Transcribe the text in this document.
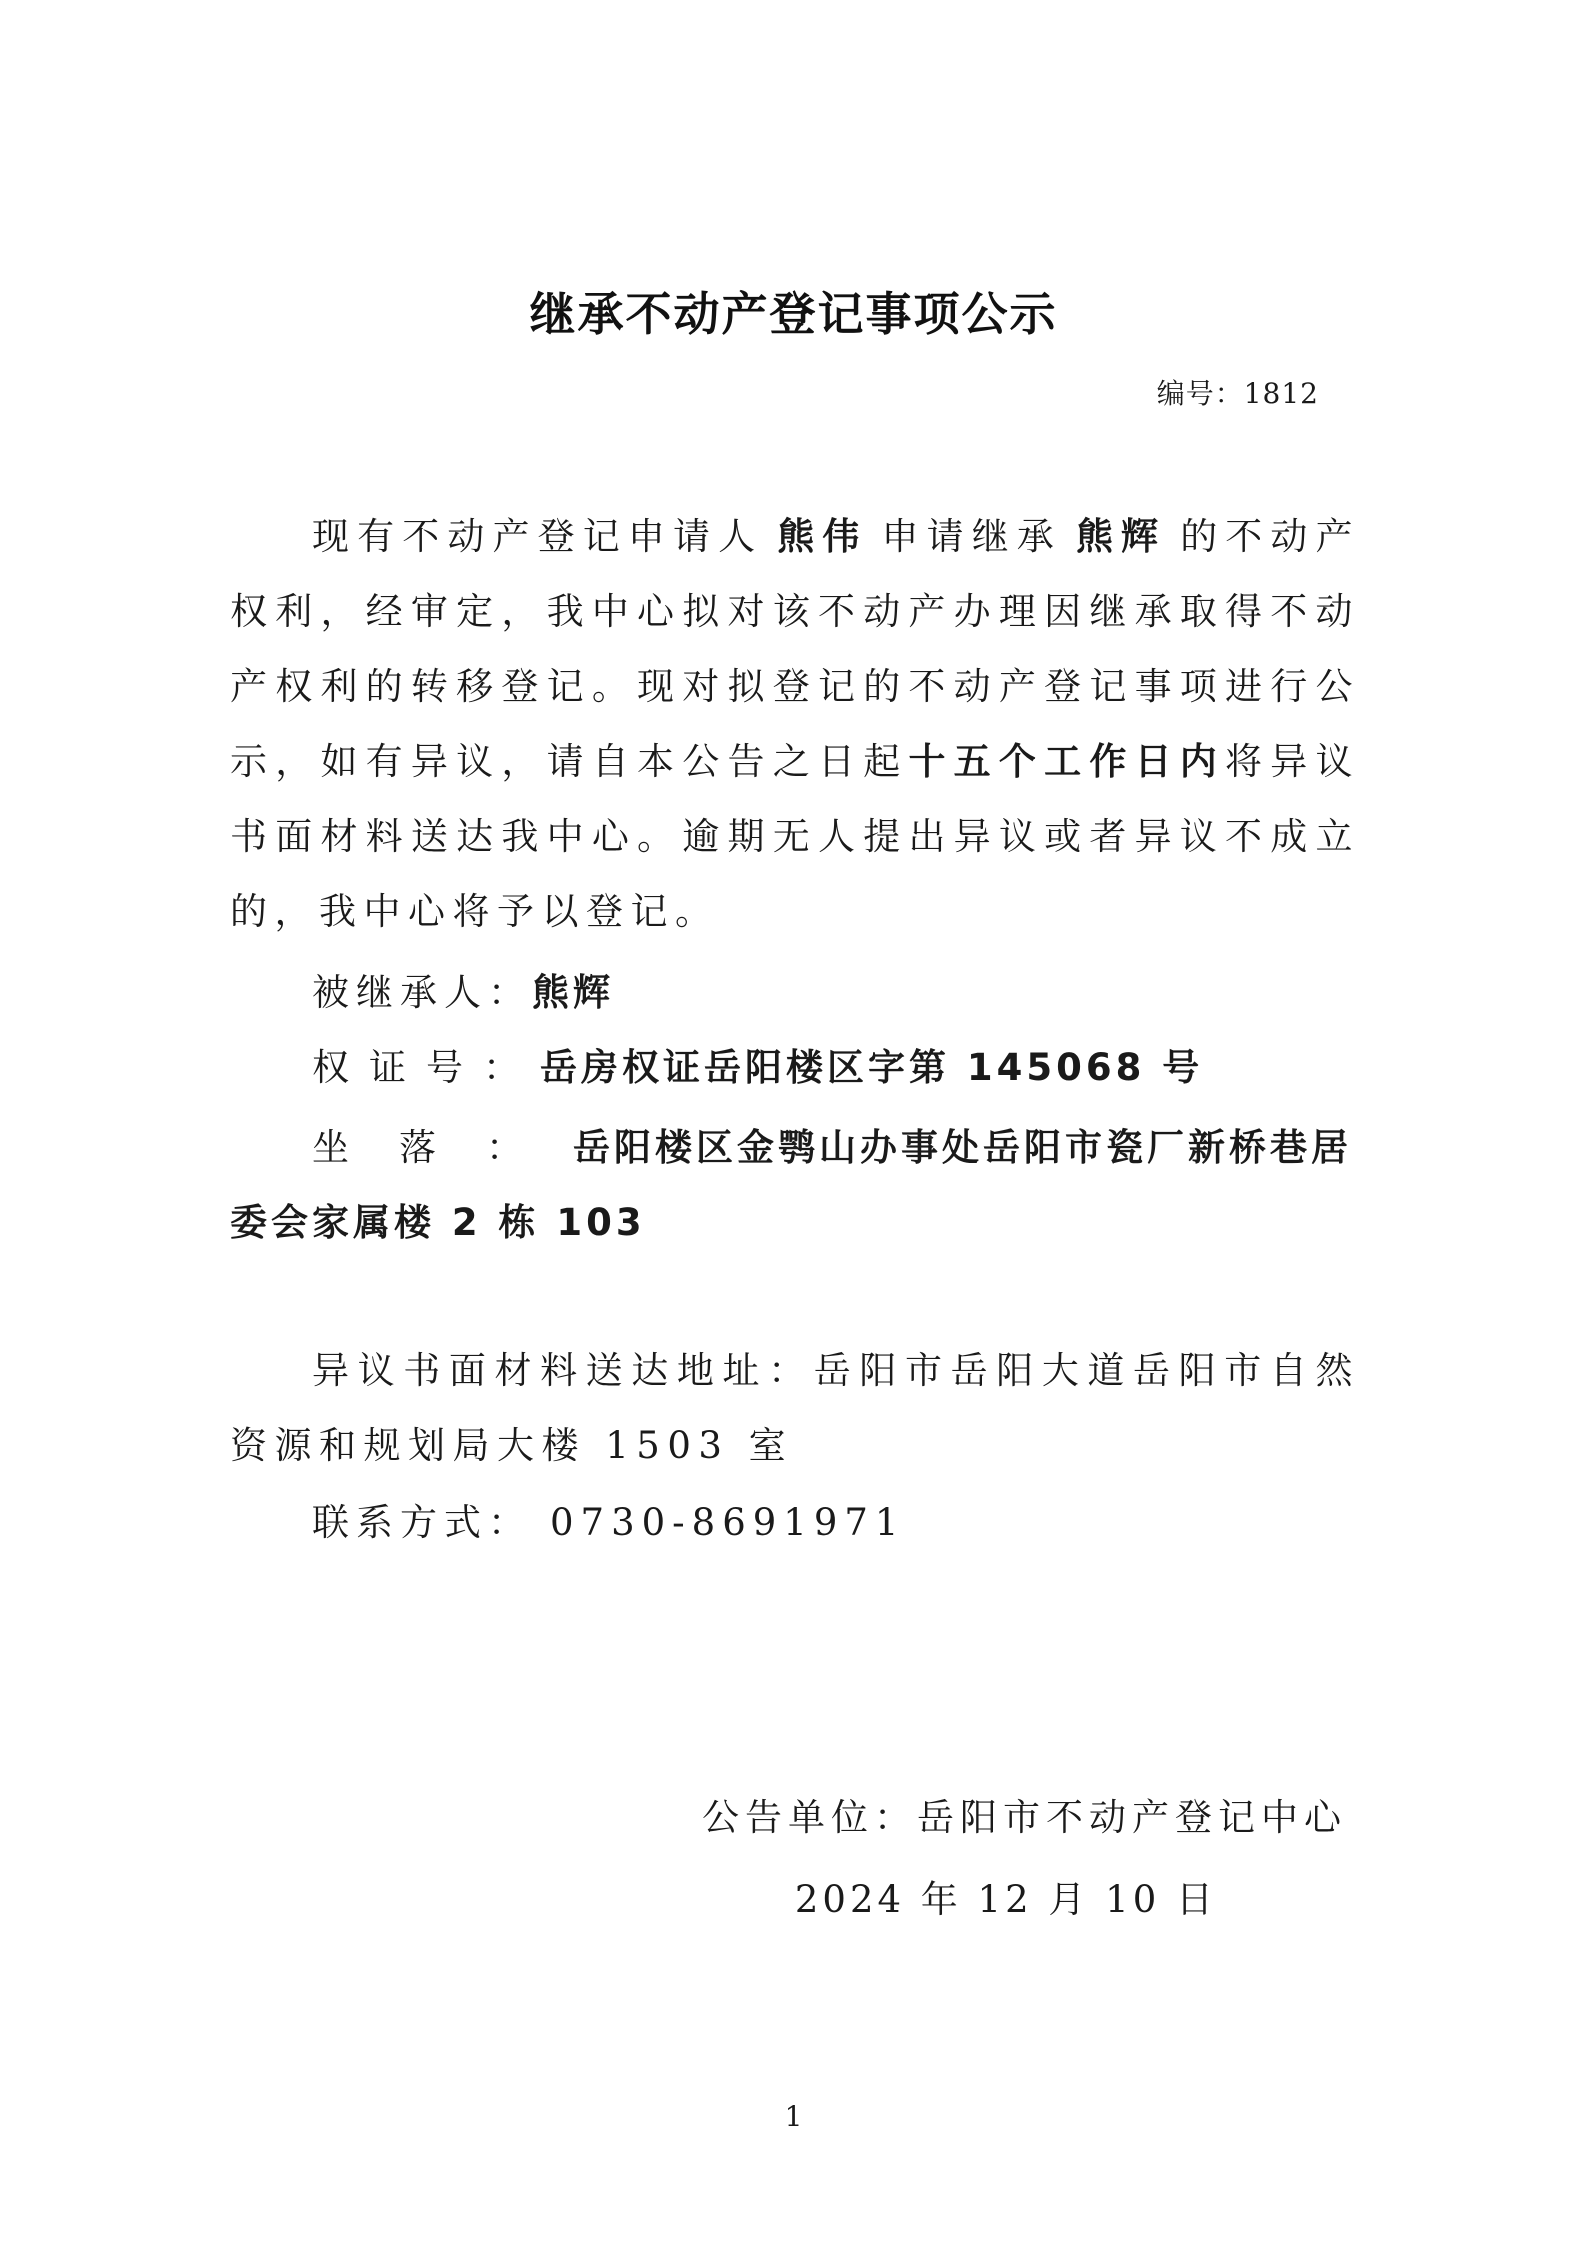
继承不动产登记事项公示
编号：1812
现有不动产登记申请人 熊伟 申请继承 熊辉 的不动产权利，经审定，我中心拟对该不动产办理因继承取得不动产权利的转移登记。现对拟登记的不动产登记事项进行公示，如有异议，请自本公告之日起十五个工作日内将异议书面材料送达我中心。逾期无人提出异议或者异议不成立的，我中心将予以登记。
被继承人：熊辉
权证号：岳房权证岳阳楼区字第 145068 号
坐落：岳阳楼区金鹗山办事处岳阳市瓷厂新桥巷居委会家属楼 2 栋 103
异议书面材料送达地址：岳阳市岳阳大道岳阳市自然资源和规划局大楼 1503 室
联系方式： 0730-8691971
公告单位：岳阳市不动产登记中心
2024 年 12 月 10 日
1
